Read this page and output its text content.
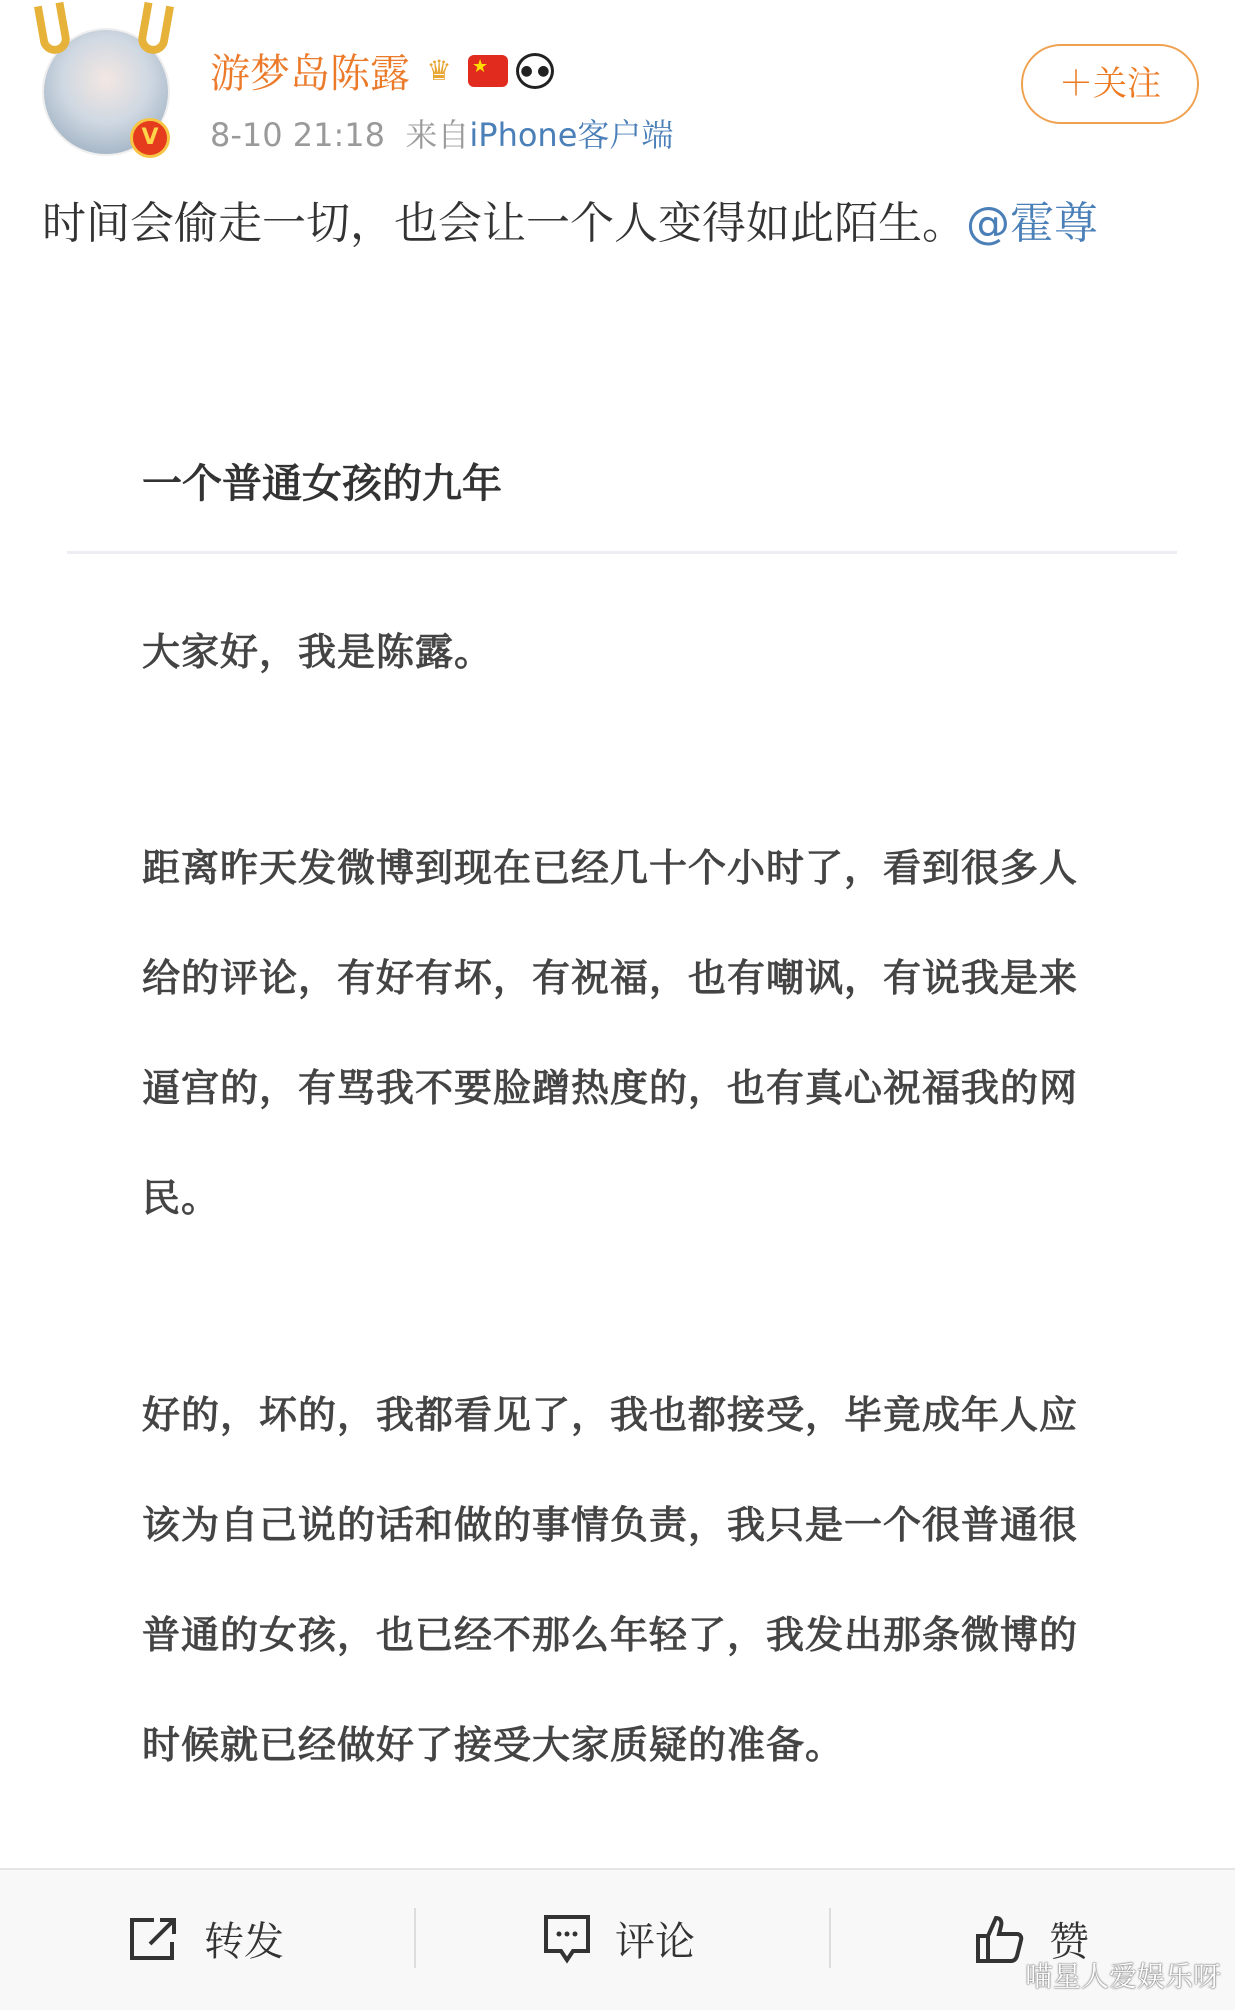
V
游梦岛陈露 ♛	★	● ●
8-10 21:18 来自iPhone客户端
＋关注
时间会偷走一切，也会让一个人变得如此陌生。@霍尊
一个普通女孩的九年
大家好，我是陈露。
距离昨天发微博到现在已经几十个小时了，看到很多人给的评论，有好有坏，有祝福，也有嘲讽，有说我是来逼宫的，有骂我不要脸蹭热度的，也有真心祝福我的网民。
好的，坏的，我都看见了，我也都接受，毕竟成年人应该为自己说的话和做的事情负责，我只是一个很普通很普通的女孩，也已经不那么年轻了，我发出那条微博的时候就已经做好了接受大家质疑的准备。
转发	评论	赞
喵星人爱娱乐呀
